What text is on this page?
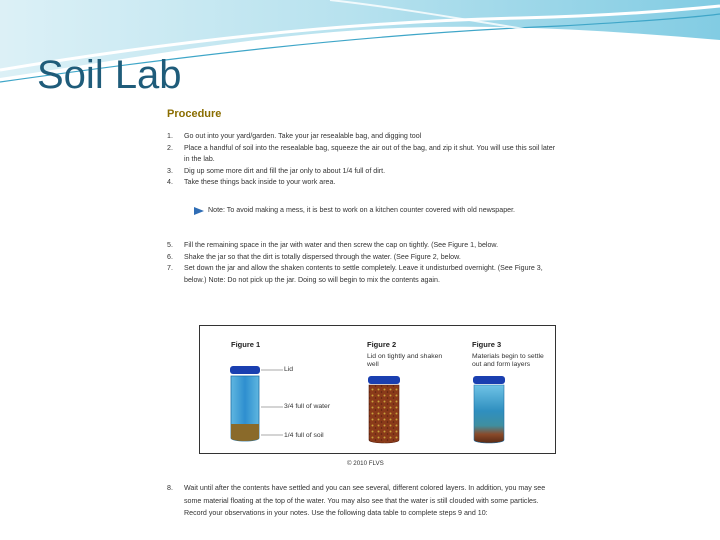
Soil Lab
Procedure
1.	Go out into your yard/garden. Take your jar resealable bag, and digging tool
2.	Place a handful of soil into the resealable bag, squeeze the air out of the bag, and zip it shut. You will use this soil later in the lab.
3.	Dig up some more dirt and fill the jar only to about 1/4 full of dirt.
4.	Take these things back inside to your work area.
Note: To avoid making a mess, it is best to work on a kitchen counter covered with old newspaper.
5.	Fill the remaining space in the jar with water and then screw the cap on tightly. (See Figure 1, below.
6.	Shake the jar so that the dirt is totally dispersed through the water. (See Figure 2, below.
7.	Set down the jar and allow the shaken contents to settle completely. Leave it undisturbed overnight. (See Figure 3, below.) Note: Do not pick up the jar. Doing so will begin to mix the contents again.
Figure 1
Lid
3/4 full of water
1/4 full of soil
Figure 2
Lid on tightly and shaken well
Figure 3
Materials begin to settle out and form layers
© 2010 FLVS
8.	Wait until after the contents have settled and you can see several, different colored layers. In addition, you may see some material floating at the top of the water. You may also see that the water is still clouded with some particles. Record your observations in your notes. Use the following data table to complete steps 9 and 10:
